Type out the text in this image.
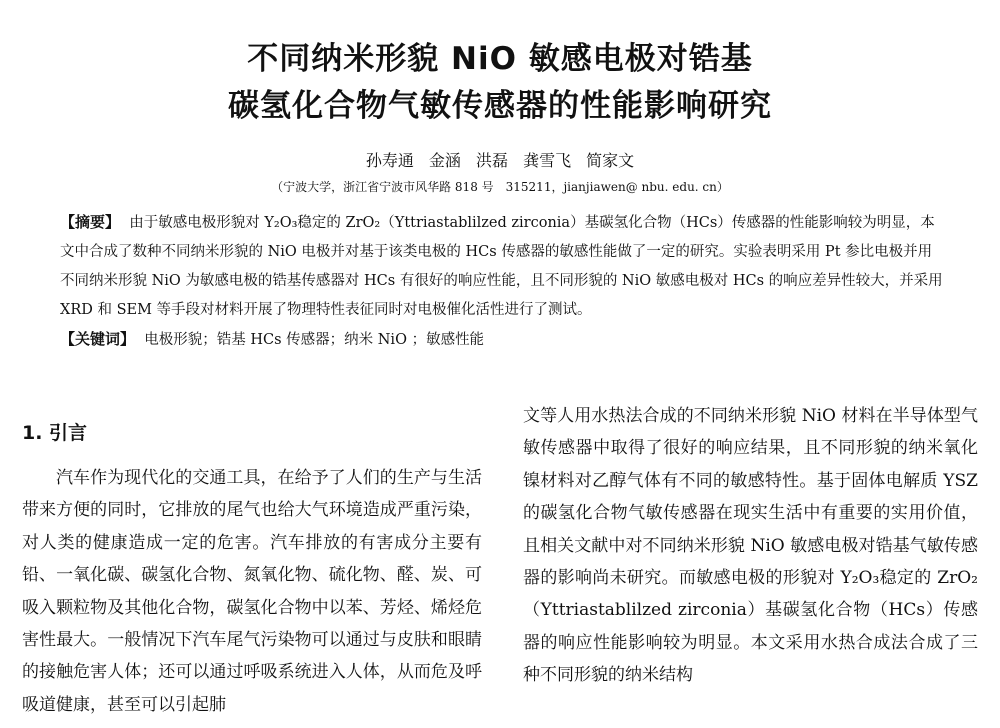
不同纳米形貌 NiO 敏感电极对锆基
碳氢化合物气敏传感器的性能影响研究
孙寿通 金涵 洪磊 龚雪飞 简家文
（宁波大学，浙江省宁波市风华路 818 号　315211，jianjiawen@ nbu. edu. cn）

【摘要】 由于敏感电极形貌对 Y₂O₃稳定的 ZrO₂（Yttriastablilzed zirconia）基碳氢化合物（HCs）传感器的性能影响较为明显，本文中合成了数种不同纳米形貌的 NiO 电极并对基于该类电极的 HCs 传感器的敏感性能做了一定的研究。实验表明采用 Pt 参比电极并用不同纳米形貌 NiO 为敏感电极的锆基传感器对 HCs 有很好的响应性能，且不同形貌的 NiO 敏感电极对 HCs 的响应差异性较大，并采用 XRD 和 SEM 等手段对材料开展了物理特性表征同时对电极催化活性进行了测试。

【关键词】 电极形貌；锆基 HCs 传感器；纳米 NiO ；敏感性能

1. 引言

汽车作为现代化的交通工具，在给予了人们的生产与生活带来方便的同时，它排放的尾气也给大气环境造成严重污染，对人类的健康造成一定的危害。汽车排放的有害成分主要有铅、一氧化碳、碳氢化合物、氮氧化物、硫化物、醛、炭、可吸入颗粒物及其他化合物，碳氢化合物中以苯、芳烃、烯烃危害性最大。一般情况下汽车尾气污染物可以通过与皮肤和眼睛的接触危害人体；还可以通过呼吸系统进入人体，从而危及呼吸道健康，甚至可以引起肺

文等人用水热法合成的不同纳米形貌 NiO 材料在半导体型气敏传感器中取得了很好的响应结果，且不同形貌的纳米氧化镍材料对乙醇气体有不同的敏感特性。基于固体电解质 YSZ 的碳氢化合物气敏传感器在现实生活中有重要的实用价值，且相关文献中对不同纳米形貌 NiO 敏感电极对锆基气敏传感器的影响尚未研究。而敏感电极的形貌对 Y₂O₃稳定的 ZrO₂（Yttriastablilzed zirconia）基碳氢化合物（HCs）传感器的响应性能影响较为明显。本文采用水热合成法合成了三种不同形貌的纳米结构
